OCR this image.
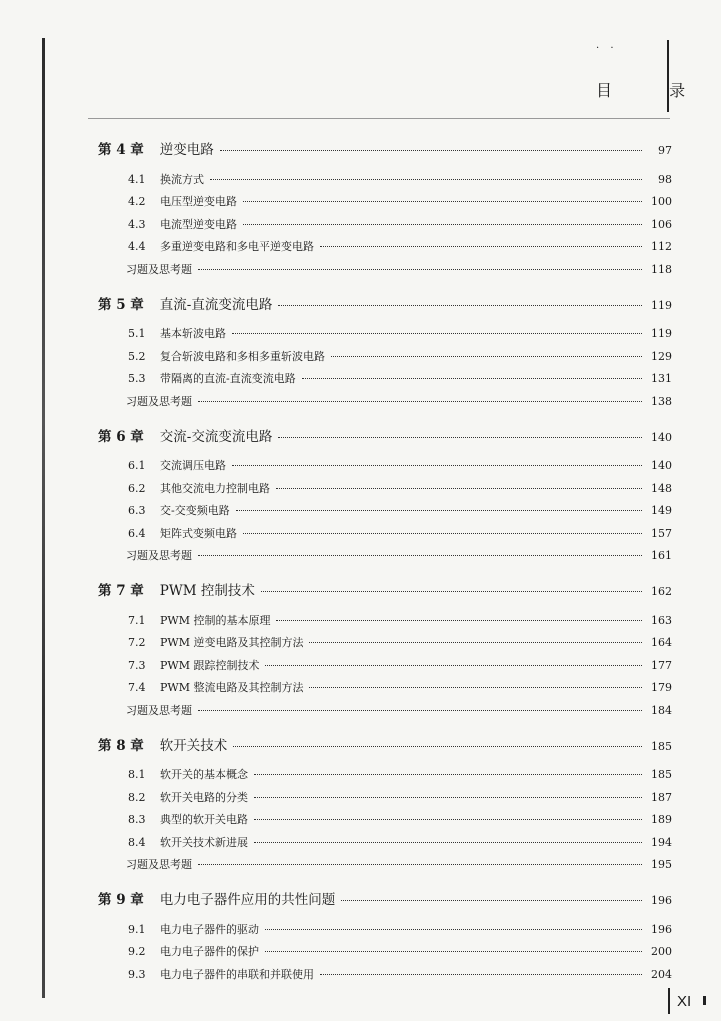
. .
目 录
第 4 章 逆变电路	97
4.1	换流方式	98
4.2	电压型逆变电路	100
4.3	电流型逆变电路	106
4.4	多重逆变电路和多电平逆变电路	112
习题及思考题	118
第 5 章 直流-直流变流电路	119
5.1	基本斩波电路	119
5.2	复合斩波电路和多相多重斩波电路	129
5.3	带隔离的直流-直流变流电路	131
习题及思考题	138
第 6 章 交流-交流变流电路	140
6.1	交流调压电路	140
6.2	其他交流电力控制电路	148
6.3	交-交变频电路	149
6.4	矩阵式变频电路	157
习题及思考题	161
第 7 章 PWM 控制技术	162
7.1	PWM 控制的基本原理	163
7.2	PWM 逆变电路及其控制方法	164
7.3	PWM 跟踪控制技术	177
7.4	PWM 整流电路及其控制方法	179
习题及思考题	184
第 8 章 软开关技术	185
8.1	软开关的基本概念	185
8.2	软开关电路的分类	187
8.3	典型的软开关电路	189
8.4	软开关技术新进展	194
习题及思考题	195
第 9 章 电力电子器件应用的共性问题	196
9.1	电力电子器件的驱动	196
9.2	电力电子器件的保护	200
9.3	电力电子器件的串联和并联使用	204
XI
